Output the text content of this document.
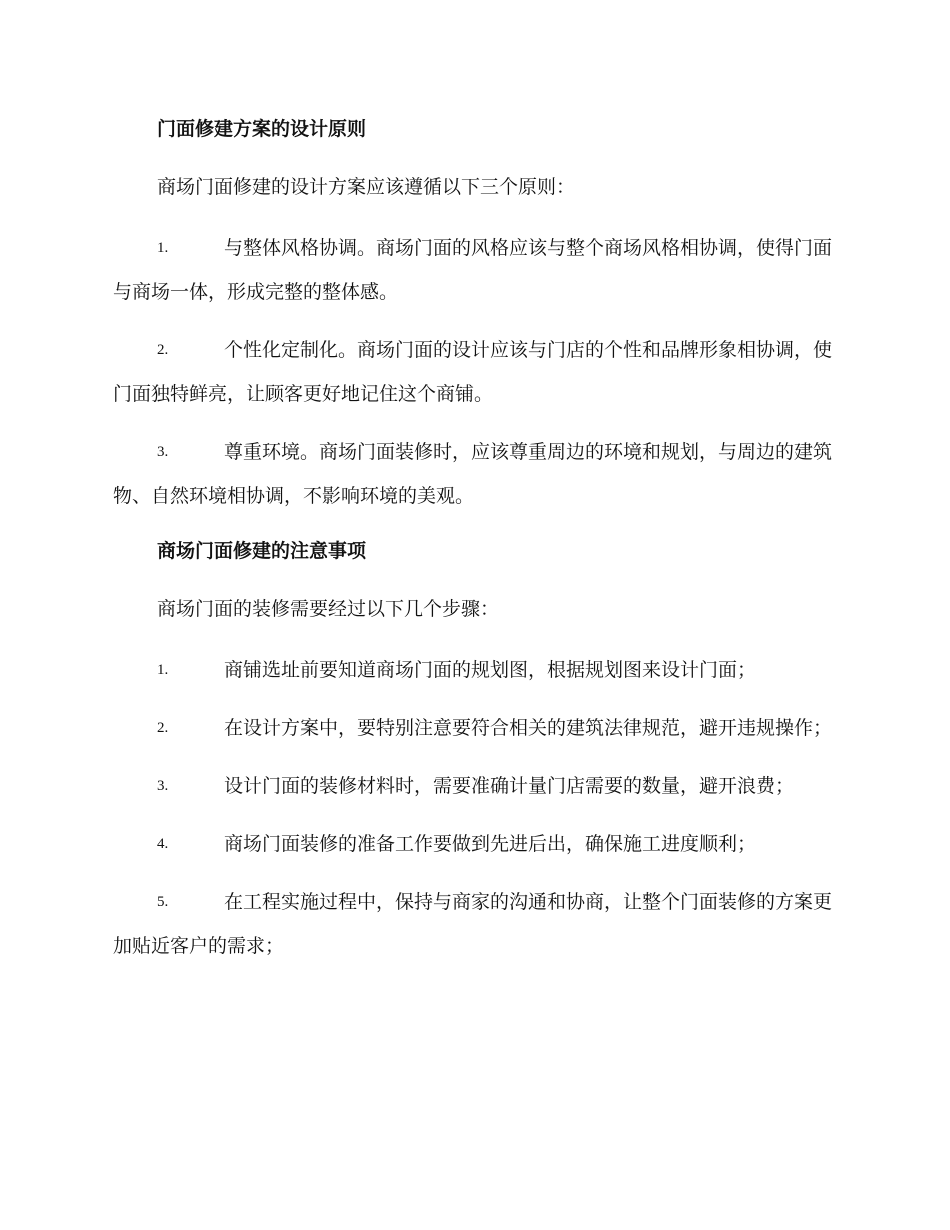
门面修建方案的设计原则
商场门面修建的设计方案应该遵循以下三个原则：
1.	与整体风格协调。商场门面的风格应该与整个商场风格相协调，使得门面与商场一体，形成完整的整体感。
2.	个性化定制化。商场门面的设计应该与门店的个性和品牌形象相协调，使门面独特鲜亮，让顾客更好地记住这个商铺。
3.	尊重环境。商场门面装修时，应该尊重周边的环境和规划，与周边的建筑物、自然环境相协调，不影响环境的美观。
商场门面修建的注意事项
商场门面的装修需要经过以下几个步骤：
1.	商铺选址前要知道商场门面的规划图，根据规划图来设计门面；
2.	在设计方案中，要特别注意要符合相关的建筑法律规范，避开违规操作；
3.	设计门面的装修材料时，需要准确计量门店需要的数量，避开浪费；
4.	商场门面装修的准备工作要做到先进后出，确保施工进度顺利；
5.	在工程实施过程中，保持与商家的沟通和协商，让整个门面装修的方案更加贴近客户的需求；
